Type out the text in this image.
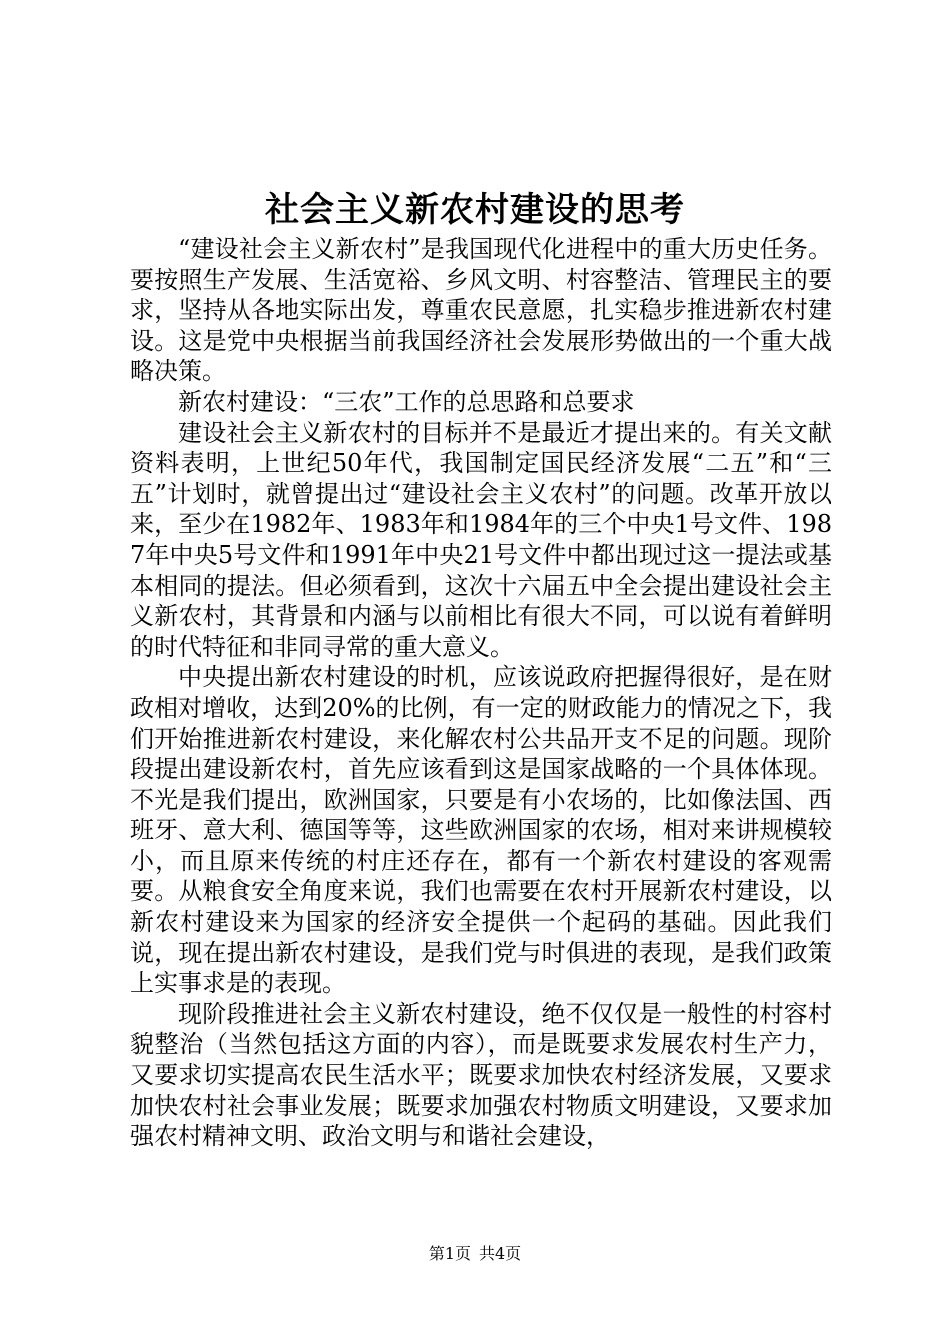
社会主义新农村建设的思考

“建设社会主义新农村”是我国现代化进程中的重大历史任务。要按照生产发展、生活宽裕、乡风文明、村容整洁、管理民主的要求，坚持从各地实际出发，尊重农民意愿，扎实稳步推进新农村建设。这是党中央根据当前我国经济社会发展形势做出的一个重大战略决策。

新农村建设：“三农”工作的总思路和总要求

建设社会主义新农村的目标并不是最近才提出来的。有关文献资料表明，上世纪50年代，我国制定国民经济发展“二五”和“三五”计划时，就曾提出过“建设社会主义农村”的问题。改革开放以来，至少在1982年、1983年和1984年的三个中央1号文件、1987年中央5号文件和1991年中央21号文件中都出现过这一提法或基本相同的提法。但必须看到，这次十六届五中全会提出建设社会主义新农村，其背景和内涵与以前相比有很大不同，可以说有着鲜明的时代特征和非同寻常的重大意义。

中央提出新农村建设的时机，应该说政府把握得很好，是在财政相对增收，达到20%的比例，有一定的财政能力的情况之下，我们开始推进新农村建设，来化解农村公共品开支不足的问题。现阶段提出建设新农村，首先应该看到这是国家战略的一个具体体现。不光是我们提出，欧洲国家，只要是有小农场的，比如像法国、西班牙、意大利、德国等等，这些欧洲国家的农场，相对来讲规模较小，而且原来传统的村庄还存在，都有一个新农村建设的客观需要。从粮食安全角度来说，我们也需要在农村开展新农村建设，以新农村建设来为国家的经济安全提供一个起码的基础。因此我们说，现在提出新农村建设，是我们党与时俱进的表现，是我们政策上实事求是的表现。

现阶段推进社会主义新农村建设，绝不仅仅是一般性的村容村貌整治（当然包括这方面的内容），而是既要求发展农村生产力，又要求切实提高农民生活水平；既要求加快农村经济发展，又要求加快农村社会事业发展；既要求加强农村物质文明建设，又要求加强农村精神文明、政治文明与和谐社会建设，

第1页 共4页
